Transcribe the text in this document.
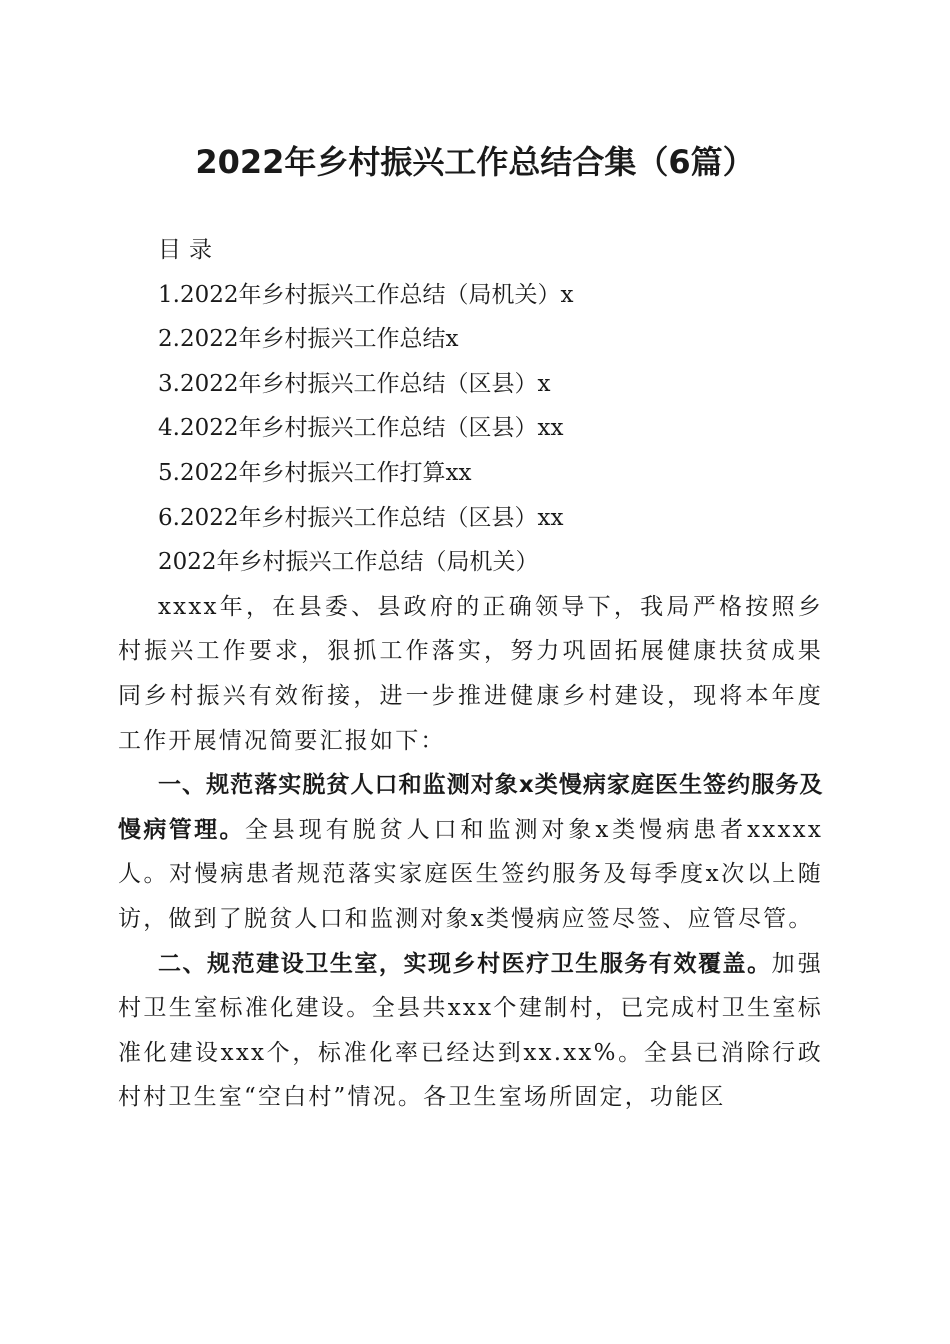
2022年乡村振兴工作总结合集（6篇）
目录
1.2022年乡村振兴工作总结（局机关）x
2.2022年乡村振兴工作总结x
3.2022年乡村振兴工作总结（区县）x
4.2022年乡村振兴工作总结（区县）xx
5.2022年乡村振兴工作打算xx
6.2022年乡村振兴工作总结（区县）xx
2022年乡村振兴工作总结（局机关）

xxxx年，在县委、县政府的正确领导下，我局严格按照乡村振兴工作要求，狠抓工作落实，努力巩固拓展健康扶贫成果同乡村振兴有效衔接，进一步推进健康乡村建设，现将本年度工作开展情况简要汇报如下：

一、规范落实脱贫人口和监测对象x类慢病家庭医生签约服务及慢病管理。全县现有脱贫人口和监测对象x类慢病患者xxxxx人。对慢病患者规范落实家庭医生签约服务及每季度x次以上随访，做到了脱贫人口和监测对象x类慢病应签尽签、应管尽管。

二、规范建设卫生室，实现乡村医疗卫生服务有效覆盖。加强村卫生室标准化建设。全县共xxx个建制村，已完成村卫生室标准化建设xxx个，标准化率已经达到xx.xx%。全县已消除行政村村卫生室“空白村”情况。各卫生室场所固定，功能区
